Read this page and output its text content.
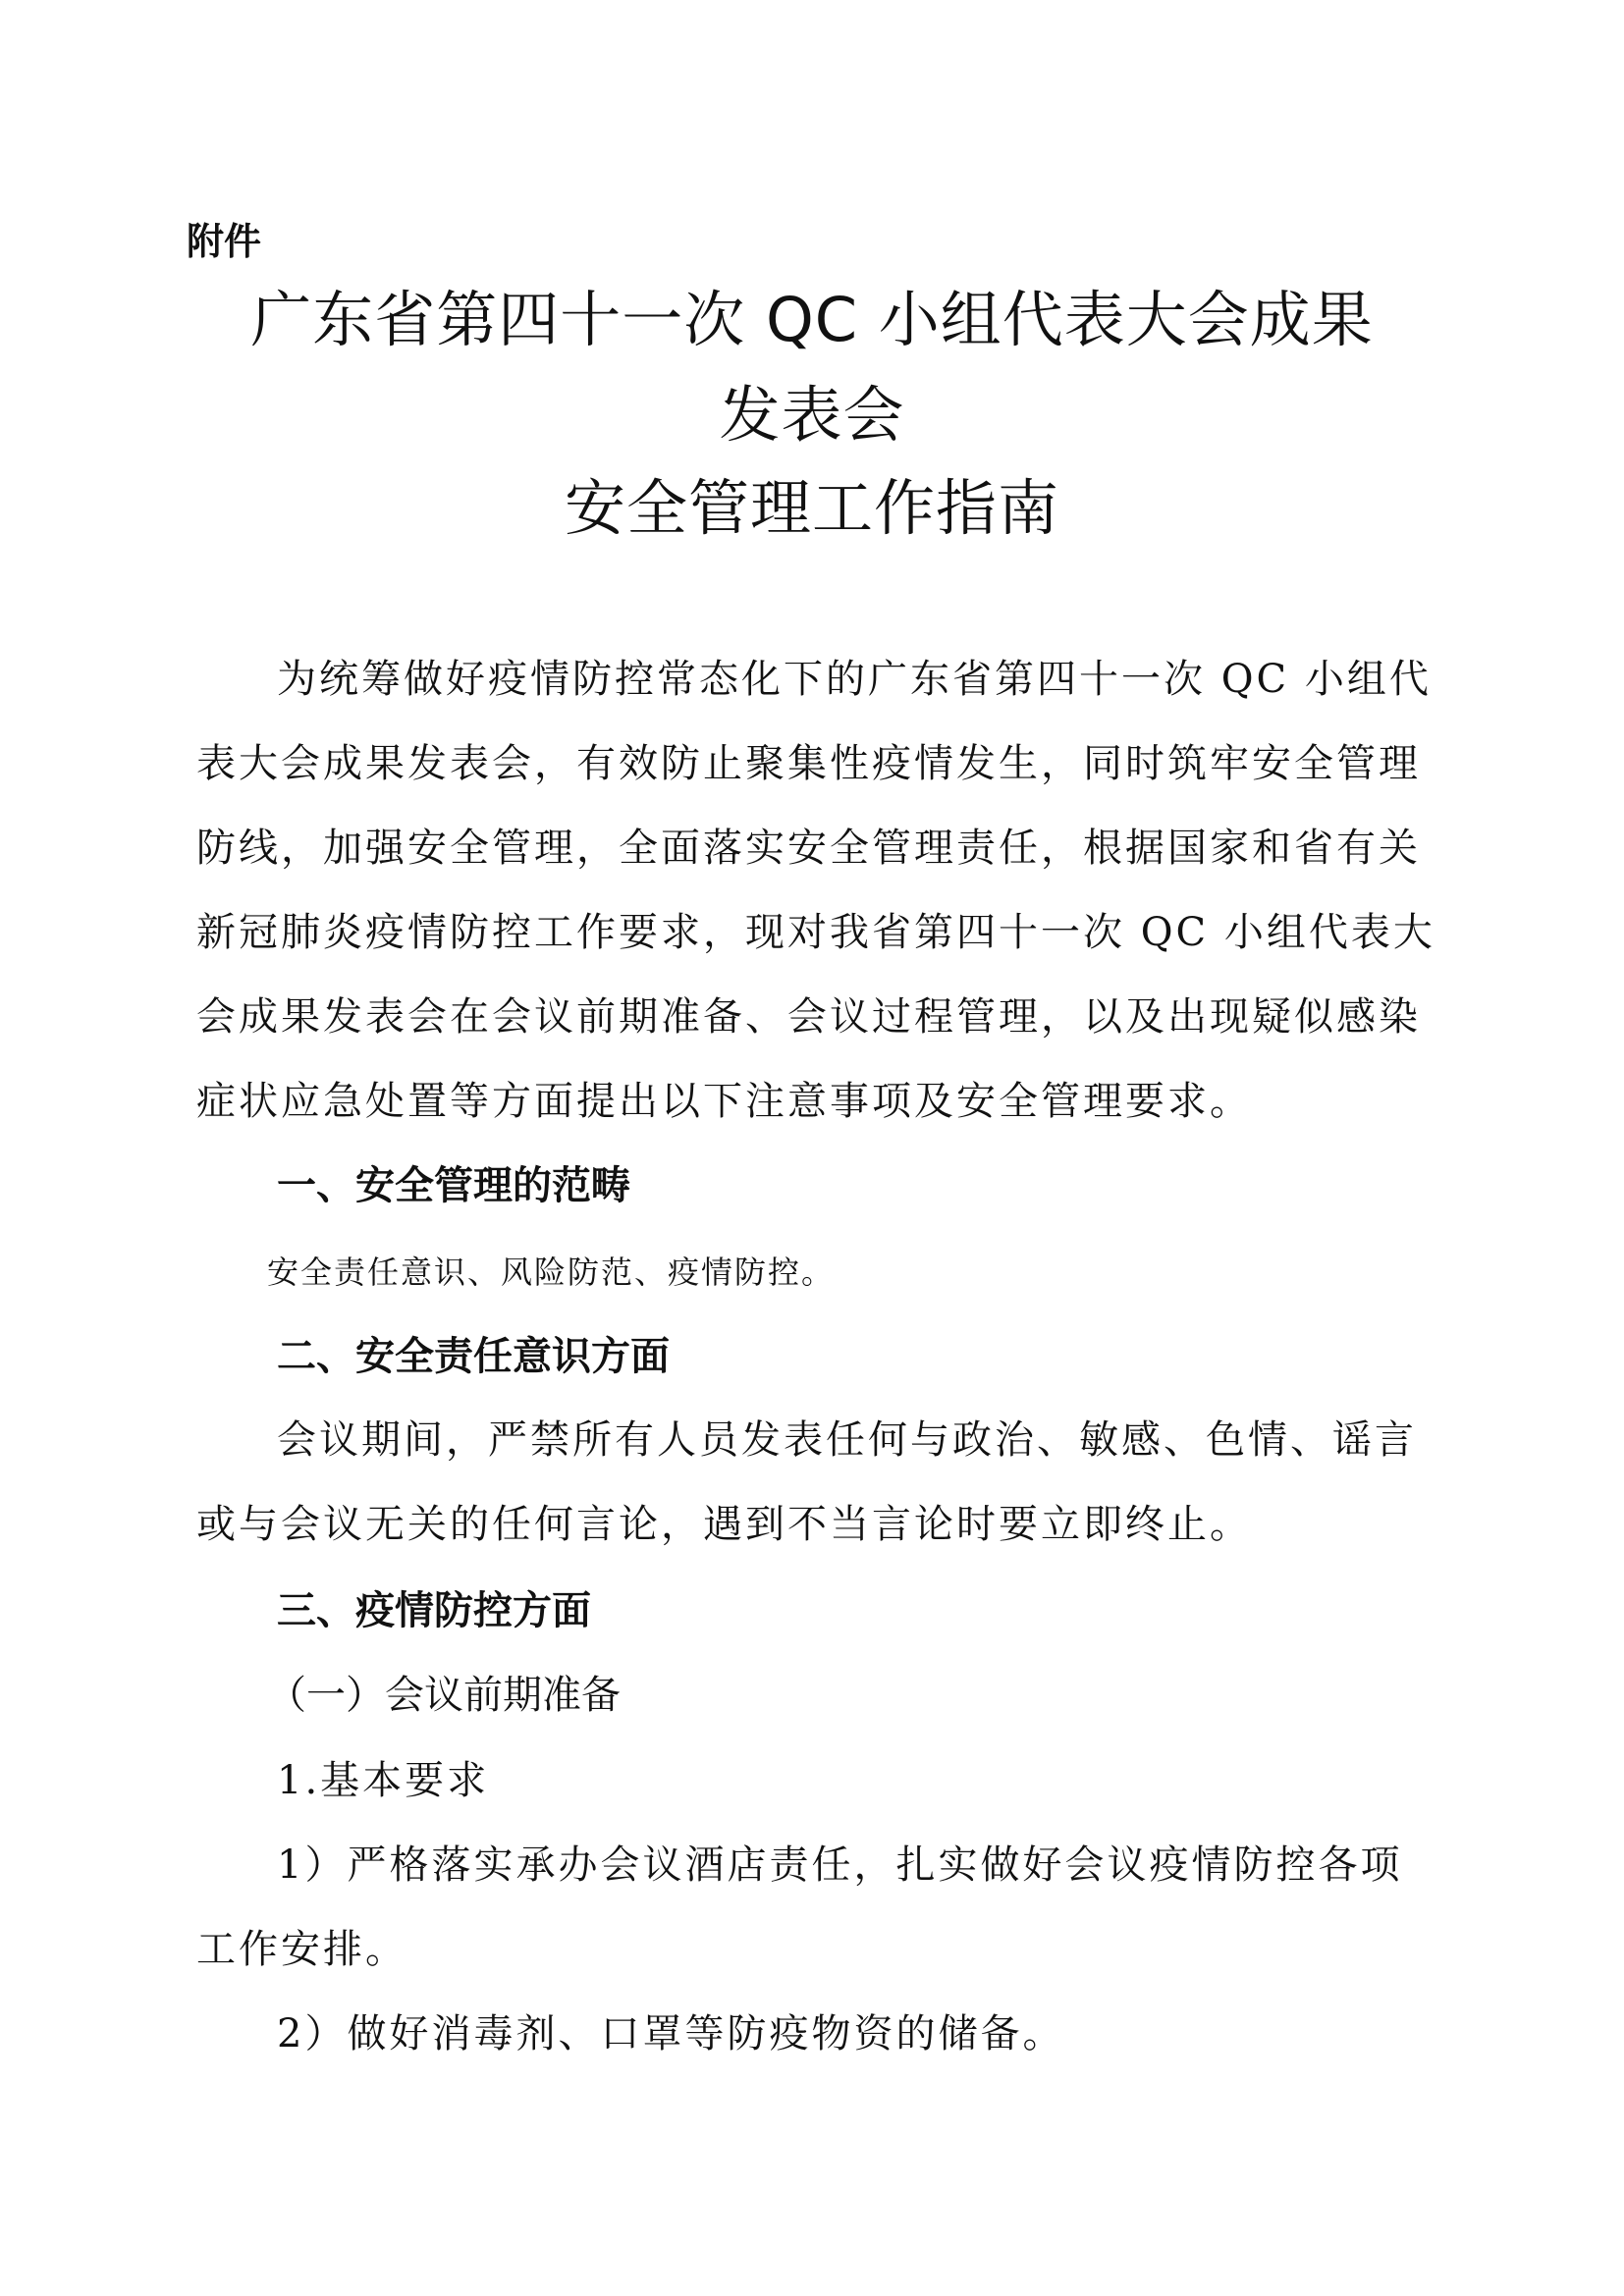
附件

广东省第四十一次 QC 小组代表大会成果
发表会
安全管理工作指南

为统筹做好疫情防控常态化下的广东省第四十一次 QC 小组代

表大会成果发表会，有效防止聚集性疫情发生，同时筑牢安全管理

防线，加强安全管理，全面落实安全管理责任，根据国家和省有关

新冠肺炎疫情防控工作要求，现对我省第四十一次 QC 小组代表大

会成果发表会在会议前期准备、会议过程管理，以及出现疑似感染

症状应急处置等方面提出以下注意事项及安全管理要求。

一、安全管理的范畴

安全责任意识、风险防范、疫情防控。

二、安全责任意识方面

会议期间，严禁所有人员发表任何与政治、敏感、色情、谣言

或与会议无关的任何言论，遇到不当言论时要立即终止。

三、疫情防控方面
（一）会议前期准备

1.基本要求

1）严格落实承办会议酒店责任，扎实做好会议疫情防控各项

工作安排。

2）做好消毒剂、口罩等防疫物资的储备。
